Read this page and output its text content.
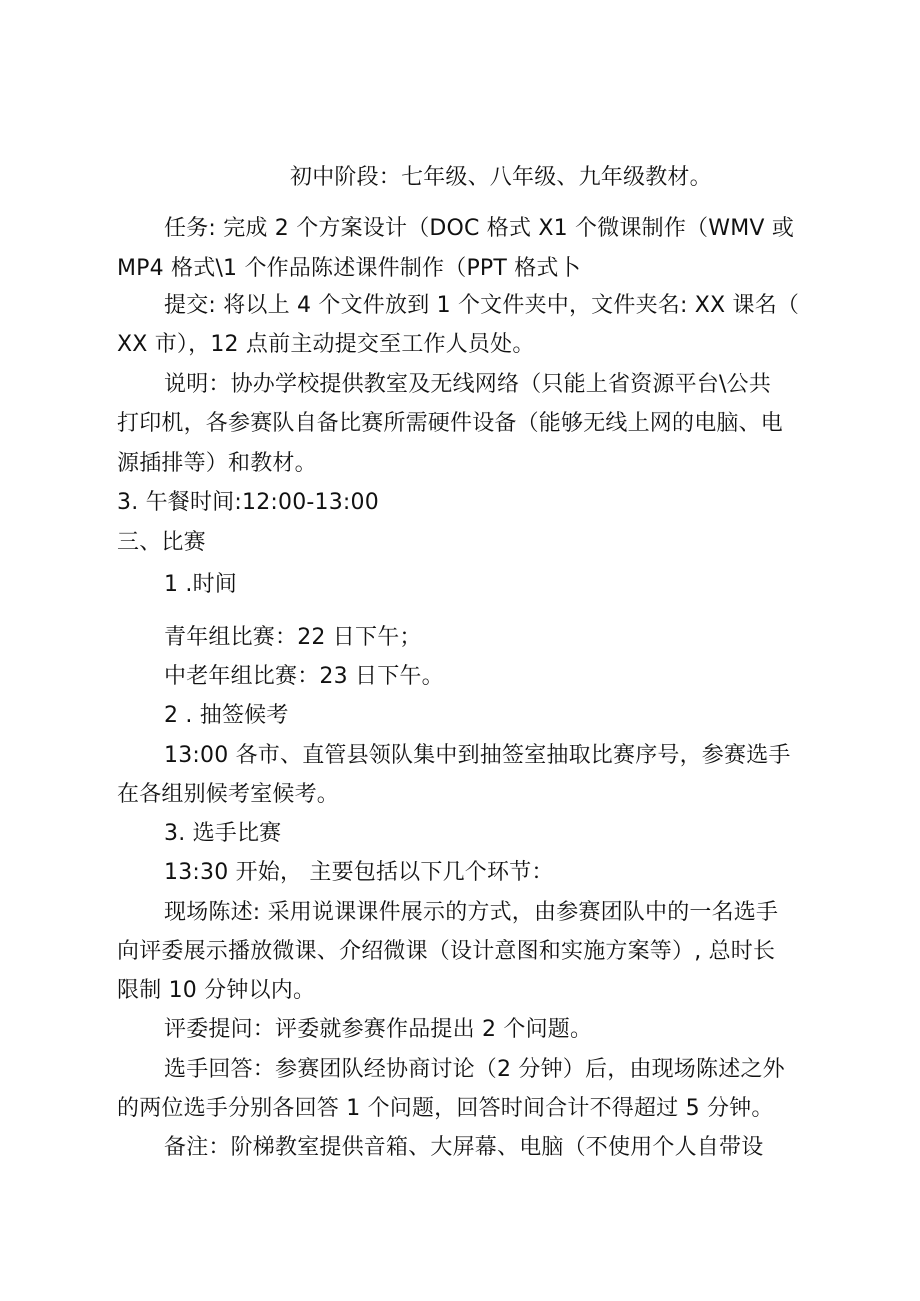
初中阶段：七年级、八年级、九年级教材。
任务: 完成 2 个方案设计（DOC 格式 X1 个微课制作（WMV 或
MP4 格式\1 个作品陈述课件制作（PPT 格式卜
提交: 将以上 4 个文件放到 1 个文件夹中，文件夹名: XX 课名（
XX 市），12 点前主动提交至工作人员处。
说明：协办学校提供教室及无线网络（只能上省资源平台\公共
打印机，各参赛队自备比赛所需硬件设备（能够无线上网的电脑、电
源插排等）和教材。
3. 午餐时间:12:00-13:00
三、比赛
1 .时间
青年组比赛：22 日下午；
中老年组比赛：23 日下午。
2 . 抽签候考
13:00 各市、直管县领队集中到抽签室抽取比赛序号，参赛选手
在各组别候考室候考。
3. 选手比赛
13:30 开始， 主要包括以下几个环节：
现场陈述: 采用说课课件展示的方式，由参赛团队中的一名选手
向评委展示播放微课、介绍微课（设计意图和实施方案等）, 总时长
限制 10 分钟以内。
评委提问：评委就参赛作品提出 2 个问题。
选手回答：参赛团队经协商讨论（2 分钟）后，由现场陈述之外
的两位选手分别各回答 1 个问题，回答时间合计不得超过 5 分钟。
备注：阶梯教室提供音箱、大屏幕、电脑（不使用个人自带设
